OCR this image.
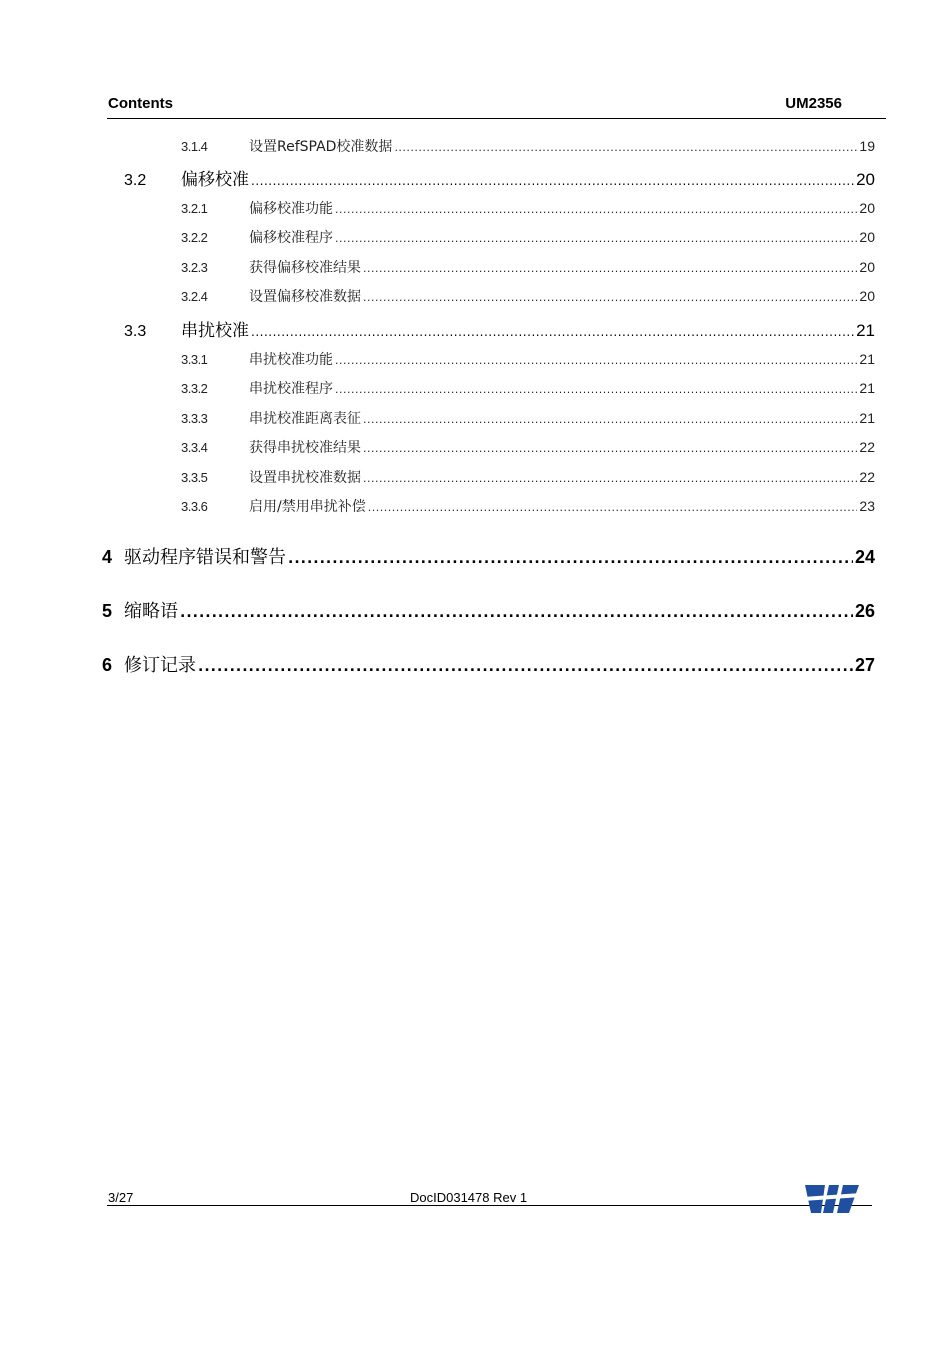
Contents	UM2356
3.1.4	设置RefSPAD校准数据 .....	19
3.2	偏移校准 .....	20
3.2.1	偏移校准功能 .....	20
3.2.2	偏移校准程序 .....	20
3.2.3	获得偏移校准结果 .....	20
3.2.4	设置偏移校准数据 .....	20
3.3	串扰校准 .....	21
3.3.1	串扰校准功能 .....	21
3.3.2	串扰校准程序 .....	21
3.3.3	串扰校准距离表征 .....	21
3.3.4	获得串扰校准结果 .....	22
3.3.5	设置串扰校准数据 .....	22
3.3.6	启用/禁用串扰补偿 .....	23
4 驱动程序错误和警告 .....	24
5 缩略语 .....	26
6 修订记录 .....	27
3/27	DocID031478 Rev 1
